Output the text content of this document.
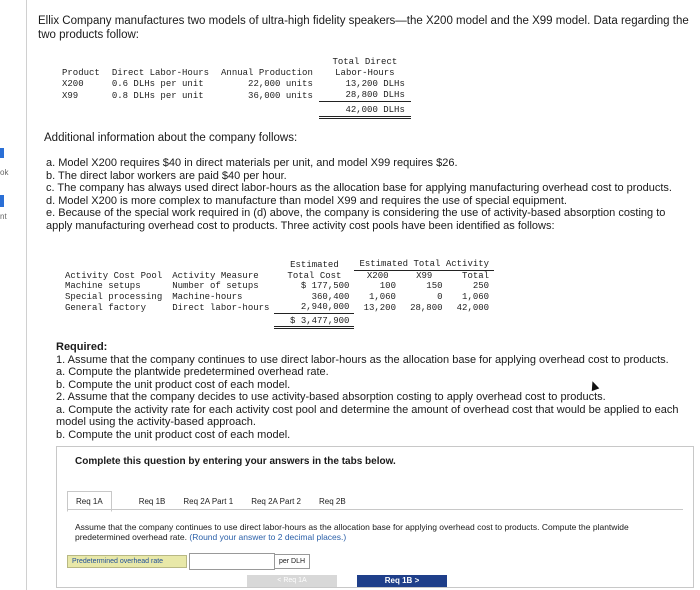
ok
nt

Ellix Company manufactures two models of ultra-high fidelity speakers—the X200 model and the X99 model. Data regarding the two products follow:

Product	Direct Labor-Hours	Annual Production	Total Direct Labor-Hours
X200	0.6 DLHs per unit	22,000 units	13,200 DLHs
X99	0.8 DLHs per unit	36,000 units	28,800 DLHs
			42,000 DLHs
Additional information about the company follows:
a. Model X200 requires $40 in direct materials per unit, and model X99 requires $26.
b. The direct labor workers are paid $40 per hour.
c. The company has always used direct labor-hours as the allocation base for applying manufacturing overhead cost to products.
d. Model X200 is more complex to manufacture than model X99 and requires the use of special equipment.
e. Because of the special work required in (d) above, the company is considering the use of activity-based absorption costing to apply manufacturing overhead cost to products. Three activity cost pools have been identified as follows:
		Estimated Total Cost	Estimated Total Activity		
Activity Cost Pool	Activity Measure		X200	X99	Total
Machine setups	Number of setups	$ 177,500	100	150	250
Special processing	Machine-hours	360,400	1,060	0	1,060
General factory	Direct labor-hours	2,940,000	13,200	28,800	42,000
		$ 3,477,900			

Required:

1. Assume that the company continues to use direct labor-hours as the allocation base for applying overhead cost to products.

a. Compute the plantwide predetermined overhead rate.

b. Compute the unit product cost of each model.

2. Assume that the company decides to use activity-based absorption costing to apply overhead cost to products.

a. Compute the activity rate for each activity cost pool and determine the amount of overhead cost that would be applied to each model using the activity-based approach.

b. Compute the unit product cost of each model.

Complete this question by entering your answers in the tabs below.
Req 1A	Req 1B	Req 2A Part 1	Req 2A Part 2	Req 2B
Assume that the company continues to use direct labor-hours as the allocation base for applying overhead cost to products. Compute the plantwide predetermined overhead rate. (Round your answer to 2 decimal places.)
Predetermined overhead rate	per DLH
< Req 1A	Req 1B >
